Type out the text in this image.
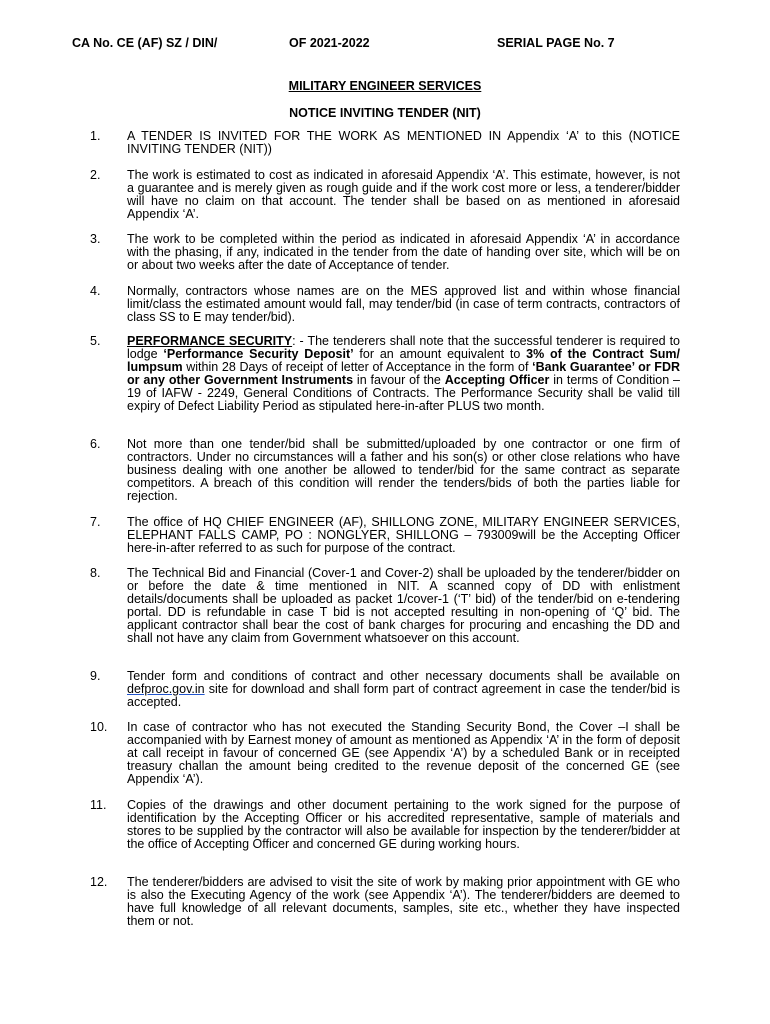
CA No. CE (AF) SZ / DIN/	OF 2021-2022	SERIAL PAGE No. 7
MILITARY ENGINEER SERVICES
NOTICE INVITING TENDER (NIT)
1. A TENDER IS INVITED FOR THE WORK AS MENTIONED IN Appendix ‘A’ to this (NOTICE INVITING TENDER (NIT))
2. The work is estimated to cost as indicated in aforesaid Appendix ‘A’. This estimate, however, is not a guarantee and is merely given as rough guide and if the work cost more or less, a tenderer/bidder will have no claim on that account. The tender shall be based on as mentioned in aforesaid Appendix ‘A’.
3. The work to be completed within the period as indicated in aforesaid Appendix ‘A’ in accordance with the phasing, if any, indicated in the tender from the date of handing over site, which will be on or about two weeks after the date of Acceptance of tender.
4. Normally, contractors whose names are on the MES approved list and within whose financial limit/class the estimated amount would fall, may tender/bid (in case of term contracts, contractors of class SS to E may tender/bid).
5. PERFORMANCE SECURITY: - The tenderers shall note that the successful tenderer is required to lodge ‘Performance Security Deposit’ for an amount equivalent to 3% of the Contract Sum/ lumpsum within 28 Days of receipt of letter of Acceptance in the form of ‘Bank Guarantee’ or FDR or any other Government Instruments in favour of the Accepting Officer in terms of Condition – 19 of IAFW - 2249, General Conditions of Contracts. The Performance Security shall be valid till expiry of Defect Liability Period as stipulated here-in-after PLUS two month.
6. Not more than one tender/bid shall be submitted/uploaded by one contractor or one firm of contractors. Under no circumstances will a father and his son(s) or other close relations who have business dealing with one another be allowed to tender/bid for the same contract as separate competitors. A breach of this condition will render the tenders/bids of both the parties liable for rejection.
7. The office of HQ CHIEF ENGINEER (AF), SHILLONG ZONE, MILITARY ENGINEER SERVICES, ELEPHANT FALLS CAMP, PO : NONGLYER, SHILLONG – 793009will be the Accepting Officer here-in-after referred to as such for purpose of the contract.
8. The Technical Bid and Financial (Cover-1 and Cover-2) shall be uploaded by the tenderer/bidder on or before the date & time mentioned in NIT. A scanned copy of DD with enlistment details/documents shall be uploaded as packet 1/cover-1 (‘T’ bid) of the tender/bid on e-tendering portal. DD is refundable in case T bid is not accepted resulting in non-opening of ‘Q’ bid. The applicant contractor shall bear the cost of bank charges for procuring and encashing the DD and shall not have any claim from Government whatsoever on this account.
9. Tender form and conditions of contract and other necessary documents shall be available on defproc.gov.in site for download and shall form part of contract agreement in case the tender/bid is accepted.
10. In case of contractor who has not executed the Standing Security Bond, the Cover –I shall be accompanied with by Earnest money of amount as mentioned as Appendix ‘A’ in the form of deposit at call receipt in favour of concerned GE (see Appendix ‘A’) by a scheduled Bank or in receipted treasury challan the amount being credited to the revenue deposit of the concerned GE (see Appendix ‘A’).
11. Copies of the drawings and other document pertaining to the work signed for the purpose of identification by the Accepting Officer or his accredited representative, sample of materials and stores to be supplied by the contractor will also be available for inspection by the tenderer/bidder at the office of Accepting Officer and concerned GE during working hours.
12. The tenderer/bidders are advised to visit the site of work by making prior appointment with GE who is also the Executing Agency of the work (see Appendix ‘A’). The tenderer/bidders are deemed to have full knowledge of all relevant documents, samples, site etc., whether they have inspected them or not.
